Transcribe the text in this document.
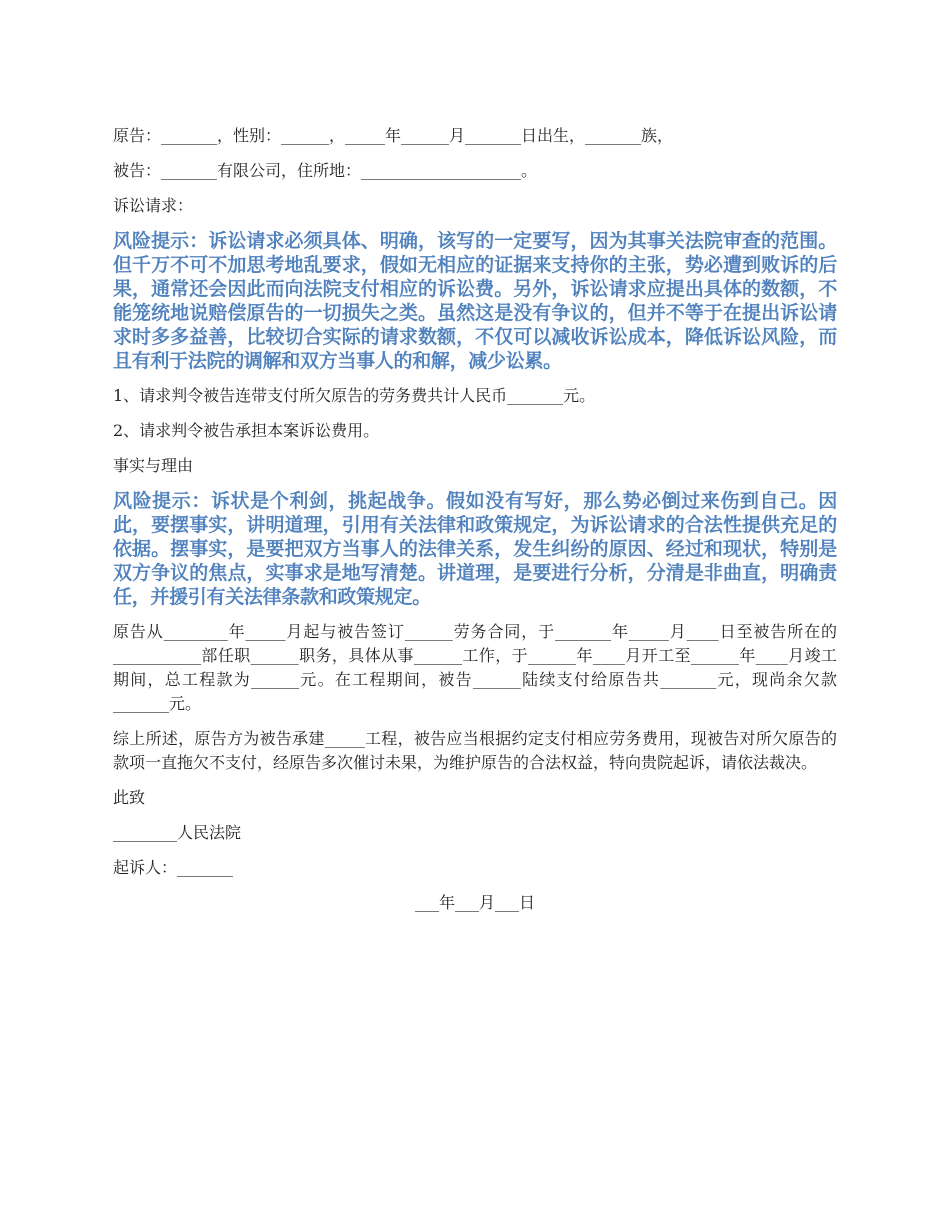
原告：_______，性别：______，_____年______月_______日出生，_______族，
被告：_______有限公司，住所地：____________________。
诉讼请求：
风险提示：诉讼请求必须具体、明确，该写的一定要写，因为其事关法院审查的范围。但千万不可不加思考地乱要求，假如无相应的证据来支持你的主张，势必遭到败诉的后果，通常还会因此而向法院支付相应的诉讼费。另外，诉讼请求应提出具体的数额，不能笼统地说赔偿原告的一切损失之类。虽然这是没有争议的，但并不等于在提出诉讼请求时多多益善，比较切合实际的请求数额，不仅可以减收诉讼成本，降低诉讼风险，而且有利于法院的调解和双方当事人的和解，减少讼累。
1、请求判令被告连带支付所欠原告的劳务费共计人民币_______元。
2、请求判令被告承担本案诉讼费用。
事实与理由
风险提示：诉状是个利剑，挑起战争。假如没有写好，那么势必倒过来伤到自己。因此，要摆事实，讲明道理，引用有关法律和政策规定，为诉讼请求的合法性提供充足的依据。摆事实，是要把双方当事人的法律关系，发生纠纷的原因、经过和现状，特别是双方争议的焦点，实事求是地写清楚。讲道理，是要进行分析，分清是非曲直，明确责任，并援引有关法律条款和政策规定。
原告从________年_____月起与被告签订______劳务合同，于_______年_____月____日至被告所在的___________部任职______职务，具体从事______工作，于______年____月开工至______年____月竣工期间，总工程款为______元。在工程期间，被告______陆续支付给原告共_______元，现尚余欠款_______元。
综上所述，原告方为被告承建_____工程，被告应当根据约定支付相应劳务费用，现被告对所欠原告的款项一直拖欠不支付，经原告多次催讨未果，为维护原告的合法权益，特向贵院起诉，请依法裁决。
此致
________人民法院
起诉人：_______
___年___月___日
